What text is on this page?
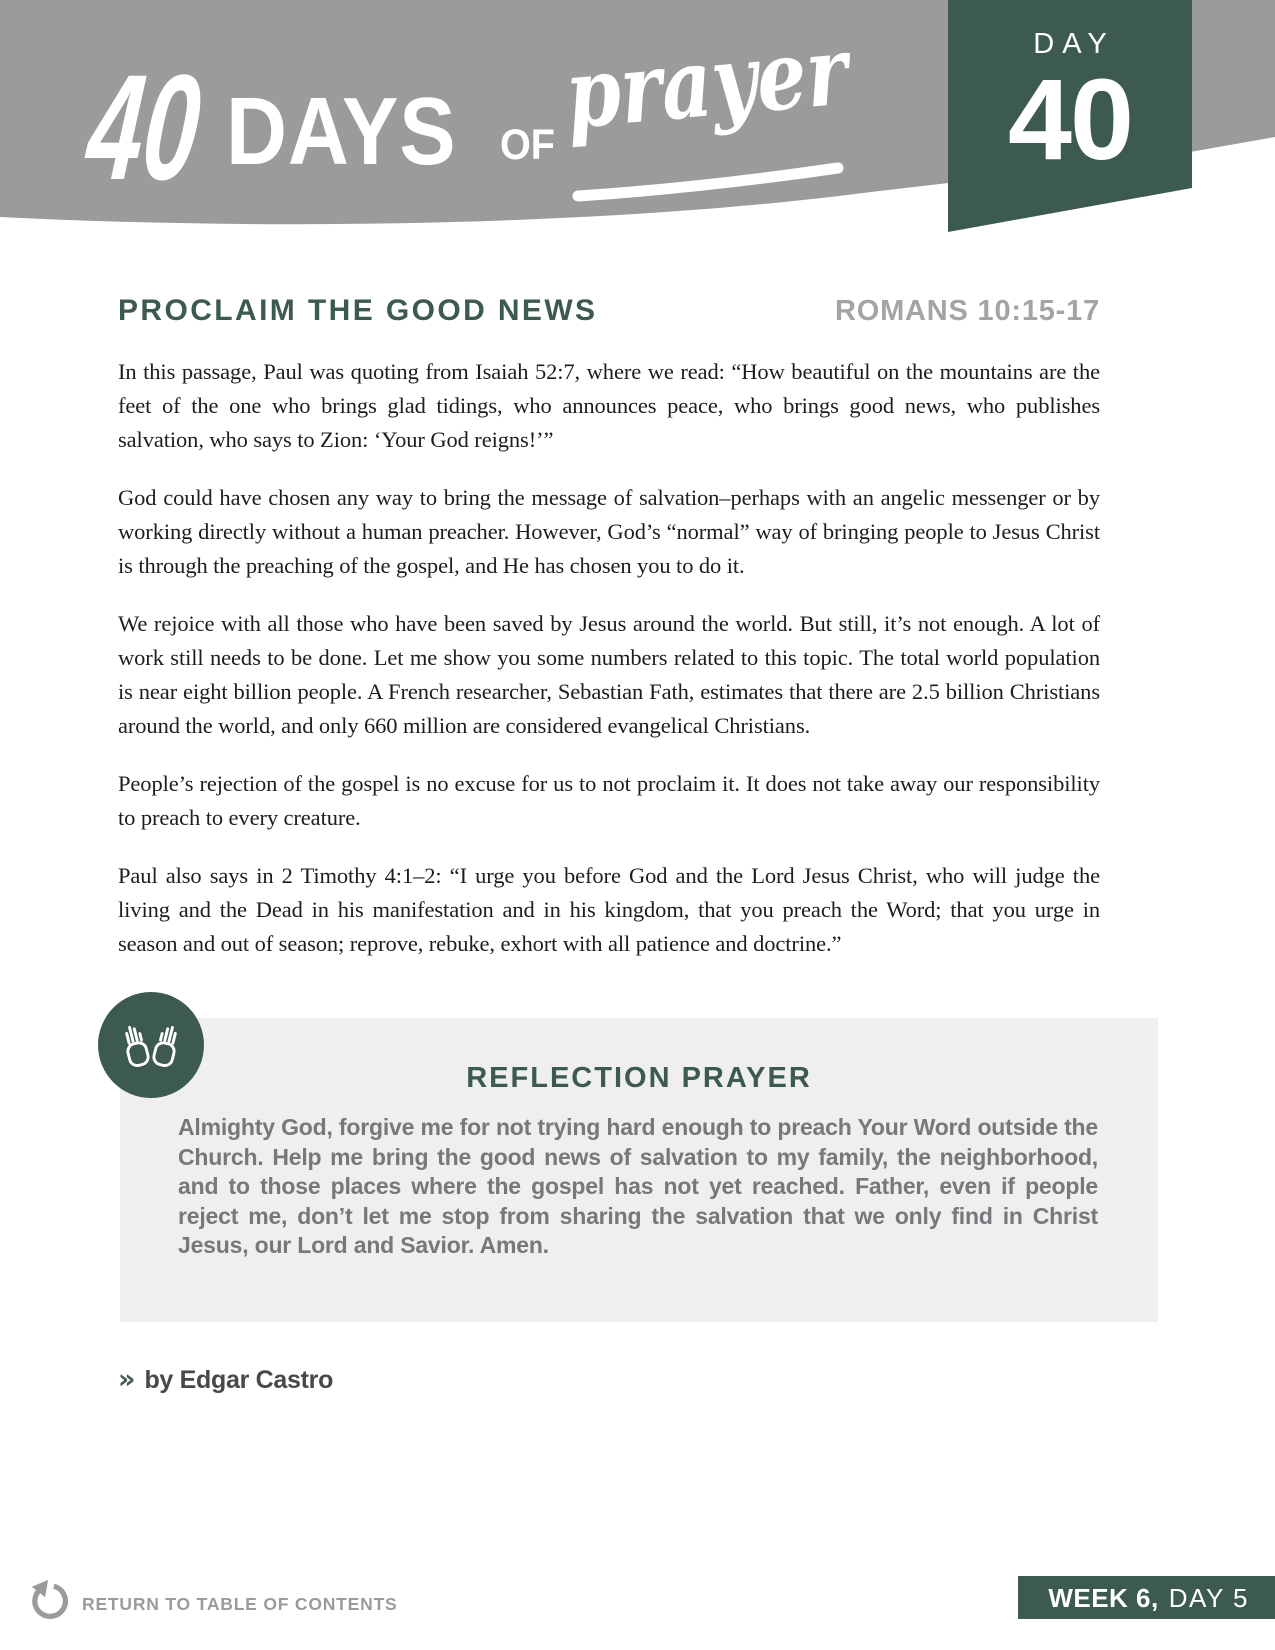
40 DAYS OF prayer	DAY
40
PROCLAIM THE GOOD NEWS	ROMANS 10:15-17

In this passage, Paul was quoting from Isaiah 52:7, where we read: “How beautiful on the mountains are the feet of the one who brings glad tidings, who announces peace, who brings good news, who publishes salvation, who says to Zion: ‘Your God reigns!’”

God could have chosen any way to bring the message of salvation–perhaps with an angelic messenger or by working directly without a human preacher. However, God’s “normal” way of bringing people to Jesus Christ is through the preaching of the gospel, and He has chosen you to do it.

We rejoice with all those who have been saved by Jesus around the world. But still, it’s not enough. A lot of work still needs to be done. Let me show you some numbers related to this topic. The total world population is near eight billion people. A French researcher, Sebastian Fath, estimates that there are 2.5 billion Christians around the world, and only 660 million are considered evangelical Christians.

People’s rejection of the gospel is no excuse for us to not proclaim it. It does not take away our responsibility to preach to every creature.

Paul also says in 2 Timothy 4:1–2: “I urge you before God and the Lord Jesus Christ, who will judge the living and the Dead in his manifestation and in his kingdom, that you preach the Word; that you urge in season and out of season; reprove, rebuke, exhort with all patience and doctrine.”

REFLECTION PRAYER

Almighty God, forgive me for not trying hard enough to preach Your Word outside the Church. Help me bring the good news of salvation to my family, the neighborhood, and to those places where the gospel has not yet reached. Father, even if people reject me, don’t let me stop from sharing the salvation that we only find in Christ Jesus, our Lord and Savior. Amen.

» by Edgar Castro
RETURN TO TABLE OF CONTENTS	WEEK 6, DAY 5
